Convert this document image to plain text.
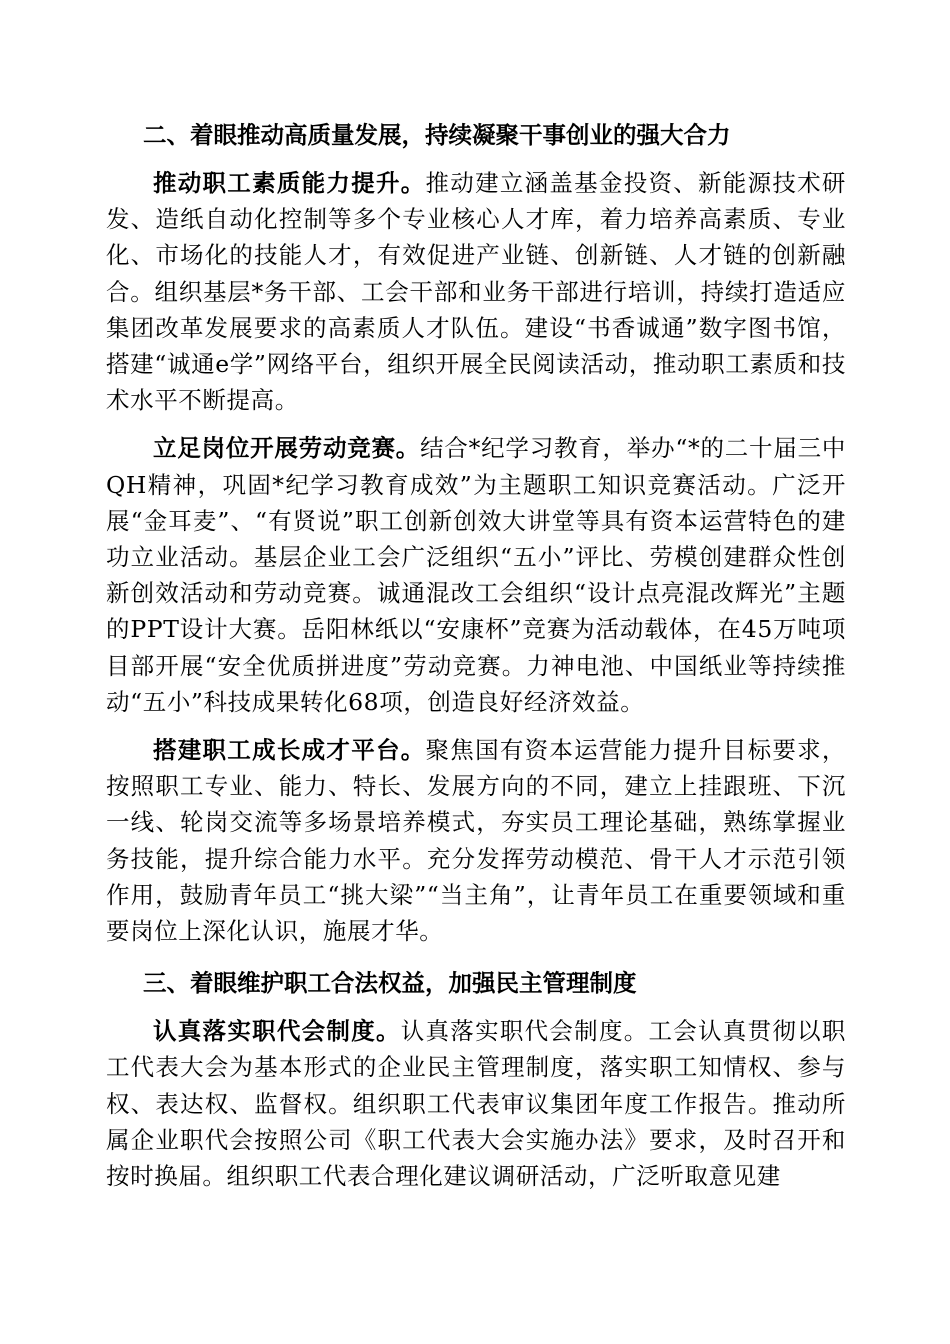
二、着眼推动高质量发展，持续凝聚干事创业的强大合力

推动职工素质能力提升。推动建立涵盖基金投资、新能源技术研发、造纸自动化控制等多个专业核心人才库，着力培养高素质、专业化、市场化的技能人才，有效促进产业链、创新链、人才链的创新融合。组织基层*务干部、工会干部和业务干部进行培训，持续打造适应集团改革发展要求的高素质人才队伍。建设“书香诚通”数字图书馆，搭建“诚通e学”网络平台，组织开展全民阅读活动，推动职工素质和技术水平不断提高。

立足岗位开展劳动竞赛。结合*纪学习教育，举办“*的二十届三中QH精神，巩固*纪学习教育成效”为主题职工知识竞赛活动。广泛开展“金耳麦”、“有贤说”职工创新创效大讲堂等具有资本运营特色的建功立业活动。基层企业工会广泛组织“五小”评比、劳模创建群众性创新创效活动和劳动竞赛。诚通混改工会组织“设计点亮混改辉光”主题的PPT设计大赛。岳阳林纸以“安康杯”竞赛为活动载体，在45万吨项目部开展“安全优质拼进度”劳动竞赛。力神电池、中国纸业等持续推动“五小”科技成果转化68项，创造良好经济效益。

搭建职工成长成才平台。聚焦国有资本运营能力提升目标要求，按照职工专业、能力、特长、发展方向的不同，建立上挂跟班、下沉一线、轮岗交流等多场景培养模式，夯实员工理论基础，熟练掌握业务技能，提升综合能力水平。充分发挥劳动模范、骨干人才示范引领作用，鼓励青年员工“挑大梁”“当主角”，让青年员工在重要领域和重要岗位上深化认识，施展才华。

三、着眼维护职工合法权益，加强民主管理制度

认真落实职代会制度。认真落实职代会制度。工会认真贯彻以职工代表大会为基本形式的企业民主管理制度，落实职工知情权、参与权、表达权、监督权。组织职工代表审议集团年度工作报告。推动所属企业职代会按照公司《职工代表大会实施办法》要求，及时召开和按时换届。组织职工代表合理化建议调研活动，广泛听取意见建
